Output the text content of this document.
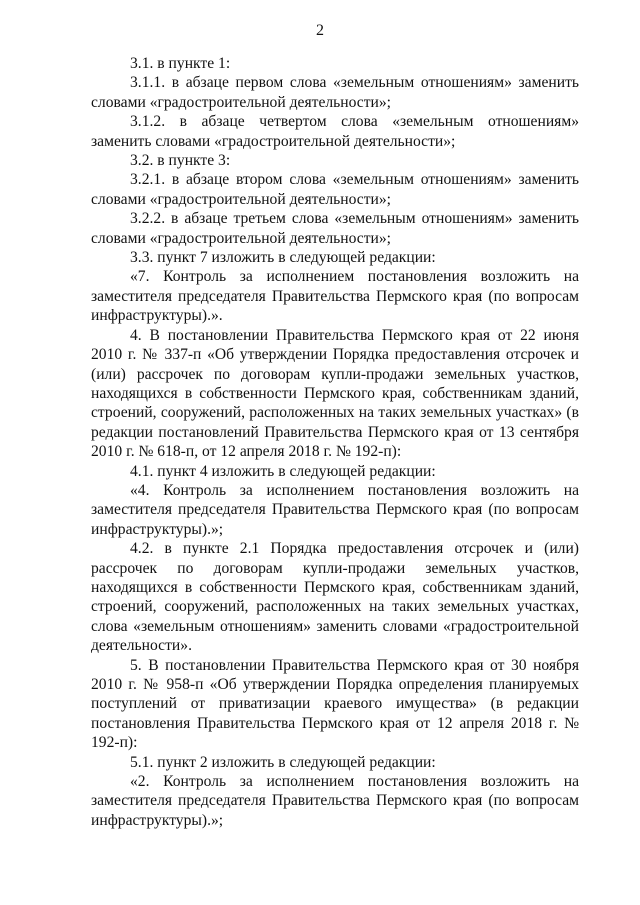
2

3.1. в пункте 1:

3.1.1. в абзаце первом слова «земельным отношениям» заменить словами «градостроительной деятельности»;

3.1.2. в абзаце четвертом слова «земельным отношениям» заменить словами «градостроительной деятельности»;

3.2. в пункте 3:

3.2.1. в абзаце втором слова «земельным отношениям» заменить словами «градостроительной деятельности»;

3.2.2. в абзаце третьем слова «земельным отношениям» заменить словами «градостроительной деятельности»;

3.3. пункт 7 изложить в следующей редакции:

«7. Контроль за исполнением постановления возложить на заместителя председателя Правительства Пермского края (по вопросам инфраструктуры).».

4. В постановлении Правительства Пермского края от 22 июня 2010 г. № 337-п «Об утверждении Порядка предоставления отсрочек и (или) рассрочек по договорам купли-продажи земельных участков, находящихся в собственности Пермского края, собственникам зданий, строений, сооружений, расположенных на таких земельных участках» (в редакции постановлений Правительства Пермского края от 13 сентября 2010 г. № 618-п, от 12 апреля 2018 г. № 192-п):

4.1. пункт 4 изложить в следующей редакции:

«4. Контроль за исполнением постановления возложить на заместителя председателя Правительства Пермского края (по вопросам инфраструктуры).»;

4.2. в пункте 2.1 Порядка предоставления отсрочек и (или) рассрочек по договорам купли-продажи земельных участков, находящихся в собственности Пермского края, собственникам зданий, строений, сооружений, расположенных на таких земельных участках, слова «земельным отношениям» заменить словами «градостроительной деятельности».

5. В постановлении Правительства Пермского края от 30 ноября 2010 г. № 958-п «Об утверждении Порядка определения планируемых поступлений от приватизации краевого имущества» (в редакции постановления Правительства Пермского края от 12 апреля 2018 г. № 192-п):

5.1. пункт 2 изложить в следующей редакции:

«2. Контроль за исполнением постановления возложить на заместителя председателя Правительства Пермского края (по вопросам инфраструктуры).»;
